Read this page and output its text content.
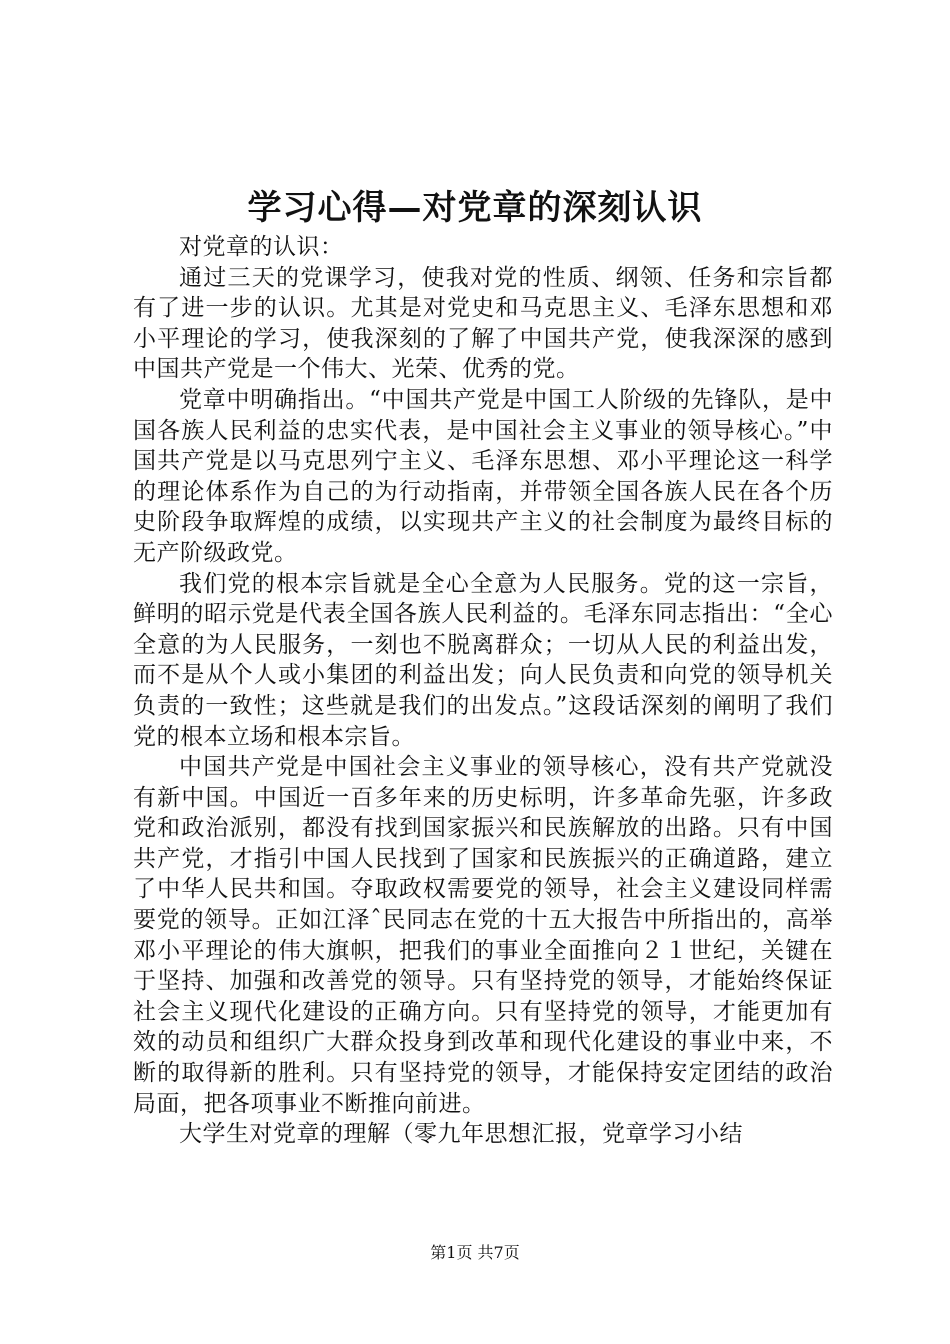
学习心得—对党章的深刻认识

对党章的认识：

通过三天的党课学习，使我对党的性质、纲领、任务和宗旨都有了进一步的认识。尤其是对党史和马克思主义、毛泽东思想和邓小平理论的学习，使我深刻的了解了中国共产党，使我深深的感到中国共产党是一个伟大、光荣、优秀的党。

党章中明确指出。“中国共产党是中国工人阶级的先锋队，是中国各族人民利益的忠实代表，是中国社会主义事业的领导核心。”中国共产党是以马克思列宁主义、毛泽东思想、邓小平理论这一科学的理论体系作为自己的为行动指南，并带领全国各族人民在各个历史阶段争取辉煌的成绩，以实现共产主义的社会制度为最终目标的无产阶级政党。

我们党的根本宗旨就是全心全意为人民服务。党的这一宗旨，鲜明的昭示党是代表全国各族人民利益的。毛泽东同志指出：“全心全意的为人民服务，一刻也不脱离群众；一切从人民的利益出发，而不是从个人或小集团的利益出发；向人民负责和向党的领导机关负责的一致性；这些就是我们的出发点。”这段话深刻的阐明了我们党的根本立场和根本宗旨。

中国共产党是中国社会主义事业的领导核心，没有共产党就没有新中国。中国近一百多年来的历史标明，许多革命先驱，许多政党和政治派别，都没有找到国家振兴和民族解放的出路。只有中国共产党，才指引中国人民找到了国家和民族振兴的正确道路，建立了中华人民共和国。夺取政权需要党的领导，社会主义建设同样需要党的领导。正如江泽ˆ民同志在党的十五大报告中所指出的，高举邓小平理论的伟大旗帜，把我们的事业全面推向２１世纪，关键在于坚持、加强和改善党的领导。只有坚持党的领导，才能始终保证社会主义现代化建设的正确方向。只有坚持党的领导，才能更加有效的动员和组织广大群众投身到改革和现代化建设的事业中来，不断的取得新的胜利。只有坚持党的领导，才能保持安定团结的政治局面，把各项事业不断推向前进。

大学生对党章的理解（零九年思想汇报，党章学习小结

第1页 共7页
